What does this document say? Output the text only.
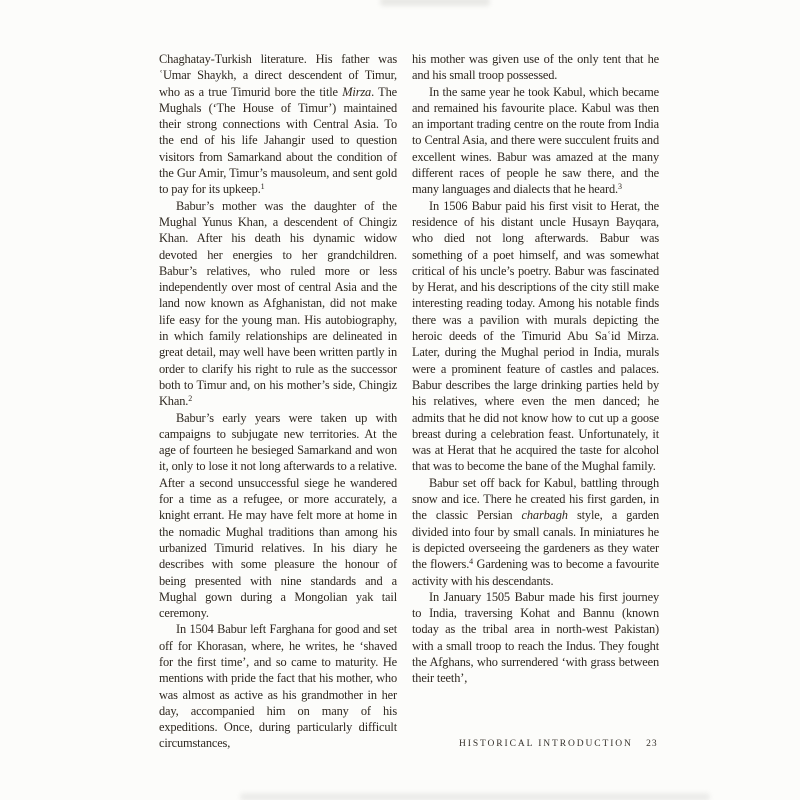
Chaghatay-Turkish literature. His father was ʿUmar Shaykh, a direct descendent of Timur, who as a true Timurid bore the title Mirza. The Mughals (‘The House of Timur’) maintained their strong connections with Central Asia. To the end of his life Jahangir used to question visitors from Samarkand about the condition of the Gur Amir, Timur’s mausoleum, and sent gold to pay for its upkeep.$^1$

Babur’s mother was the daughter of the Mughal Yunus Khan, a descendent of Chingiz Khan. After his death his dynamic widow devoted her energies to her grandchildren. Babur’s relatives, who ruled more or less independently over most of central Asia and the land now known as Afghanistan, did not make life easy for the young man. His autobiography, in which family relationships are delineated in great detail, may well have been written partly in order to clarify his right to rule as the successor both to Timur and, on his mother’s side, Chingiz Khan.$^2$

Babur’s early years were taken up with campaigns to subjugate new territories. At the age of fourteen he besieged Samarkand and won it, only to lose it not long afterwards to a relative. After a second unsuccessful siege he wandered for a time as a refugee, or more accurately, a knight errant. He may have felt more at home in the nomadic Mughal traditions than among his urbanized Timurid relatives. In his diary he describes with some pleasure the honour of being presented with nine standards and a Mughal gown during a Mongolian yak tail ceremony.

In 1504 Babur left Farghana for good and set off for Khorasan, where, he writes, he ‘shaved for the first time’, and so came to maturity. He mentions with pride the fact that his mother, who was almost as active as his grandmother in her day, accompanied him on many of his expeditions. Once, during particularly difficult circumstances,

his mother was given use of the only tent that he and his small troop possessed.

In the same year he took Kabul, which became and remained his favourite place. Kabul was then an important trading centre on the route from India to Central Asia, and there were succulent fruits and excellent wines. Babur was amazed at the many different races of people he saw there, and the many languages and dialects that he heard.$^3$

In 1506 Babur paid his first visit to Herat, the residence of his distant uncle Husayn Bayqara, who died not long afterwards. Babur was something of a poet himself, and was somewhat critical of his uncle’s poetry. Babur was fascinated by Herat, and his descriptions of the city still make interesting reading today. Among his notable finds there was a pavilion with murals depicting the heroic deeds of the Timurid Abu Saʿid Mirza. Later, during the Mughal period in India, murals were a prominent feature of castles and palaces. Babur describes the large drinking parties held by his relatives, where even the men danced; he admits that he did not know how to cut up a goose breast during a celebration feast. Unfortunately, it was at Herat that he acquired the taste for alcohol that was to become the bane of the Mughal family.

Babur set off back for Kabul, battling through snow and ice. There he created his first garden, in the classic Persian charbagh style, a garden divided into four by small canals. In miniatures he is depicted overseeing the gardeners as they water the flowers.$^4$ Gardening was to become a favourite activity with his descendants.

In January 1505 Babur made his first journey to India, traversing Kohat and Bannu (known today as the tribal area in north-west Pakistan) with a small troop to reach the Indus. They fought the Afghans, who surrendered ‘with grass between their teeth’,

HISTORICAL INTRODUCTION 23
